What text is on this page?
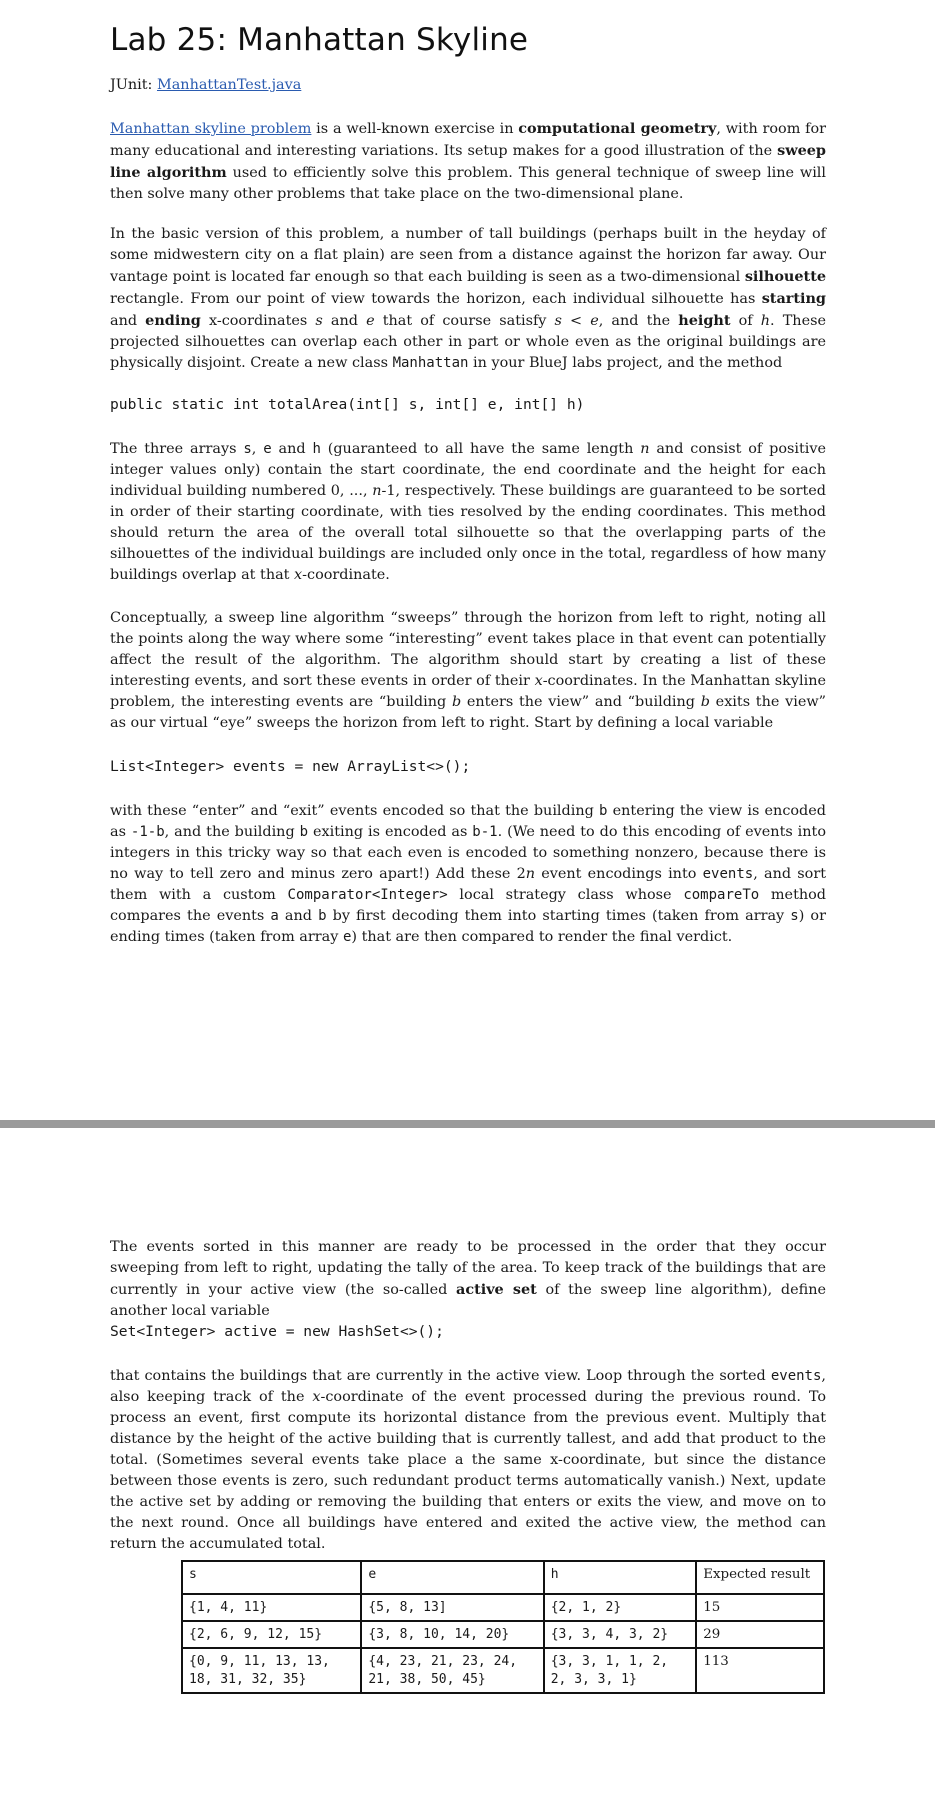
Lab 25: Manhattan Skyline
JUnit: ManhattanTest.java

Manhattan skyline problem is a well-known exercise in computational geometry, with room for many educational and interesting variations. Its setup makes for a good illustration of the sweep line algorithm used to efficiently solve this problem. This general technique of sweep line will then solve many other problems that take place on the two-dimensional plane.

In the basic version of this problem, a number of tall buildings (perhaps built in the heyday of some midwestern city on a flat plain) are seen from a distance against the horizon far away. Our vantage point is located far enough so that each building is seen as a two-dimensional silhouette rectangle. From our point of view towards the horizon, each individual silhouette has starting and ending x-coordinates s and e that of course satisfy s < e, and the height of h. These projected silhouettes can overlap each other in part or whole even as the original buildings are physically disjoint. Create a new class Manhattan in your BlueJ labs project, and the method

public static int totalArea(int[] s, int[] e, int[] h)

The three arrays s, e and h (guaranteed to all have the same length n and consist of positive integer values only) contain the start coordinate, the end coordinate and the height for each individual building numbered 0, ..., n-1, respectively. These buildings are guaranteed to be sorted in order of their starting coordinate, with ties resolved by the ending coordinates. This method should return the area of the overall total silhouette so that the overlapping parts of the silhouettes of the individual buildings are included only once in the total, regardless of how many buildings overlap at that x-coordinate.

Conceptually, a sweep line algorithm “sweeps” through the horizon from left to right, noting all the points along the way where some “interesting” event takes place in that event can potentially affect the result of the algorithm. The algorithm should start by creating a list of these interesting events, and sort these events in order of their x-coordinates. In the Manhattan skyline problem, the interesting events are “building b enters the view” and “building b exits the view” as our virtual “eye” sweeps the horizon from left to right. Start by defining a local variable

List<Integer> events = new ArrayList<>();

with these “enter” and “exit” events encoded so that the building b entering the view is encoded as -1-b, and the building b exiting is encoded as b-1. (We need to do this encoding of events into integers in this tricky way so that each even is encoded to something nonzero, because there is no way to tell zero and minus zero apart!) Add these 2n event encodings into events, and sort them with a custom Comparator<Integer> local strategy class whose compareTo method compares the events a and b by first decoding them into starting times (taken from array s) or ending times (taken from array e) that are then compared to render the final verdict.

The events sorted in this manner are ready to be processed in the order that they occur sweeping from left to right, updating the tally of the area. To keep track of the buildings that are currently in your active view (the so-called active set of the sweep line algorithm), define another local variable

Set<Integer> active = new HashSet<>();

that contains the buildings that are currently in the active view. Loop through the sorted events, also keeping track of the x-coordinate of the event processed during the previous round. To process an event, first compute its horizontal distance from the previous event. Multiply that distance by the height of the active building that is currently tallest, and add that product to the total. (Sometimes several events take place a the same x-coordinate, but since the distance between those events is zero, such redundant product terms automatically vanish.) Next, update the active set by adding or removing the building that enters or exits the view, and move on to the next round. Once all buildings have entered and exited the active view, the method can return the accumulated total.

s	e	h	Expected result
{1, 4, 11}	{5, 8, 13]	{2, 1, 2}	15
{2, 6, 9, 12, 15}	{3, 8, 10, 14, 20}	{3, 3, 4, 3, 2}	29
{0, 9, 11, 13, 13, 18, 31, 32, 35}	{4, 23, 21, 23, 24, 21, 38, 50, 45}	{3, 3, 1, 1, 2, 2, 3, 3, 1}	113
